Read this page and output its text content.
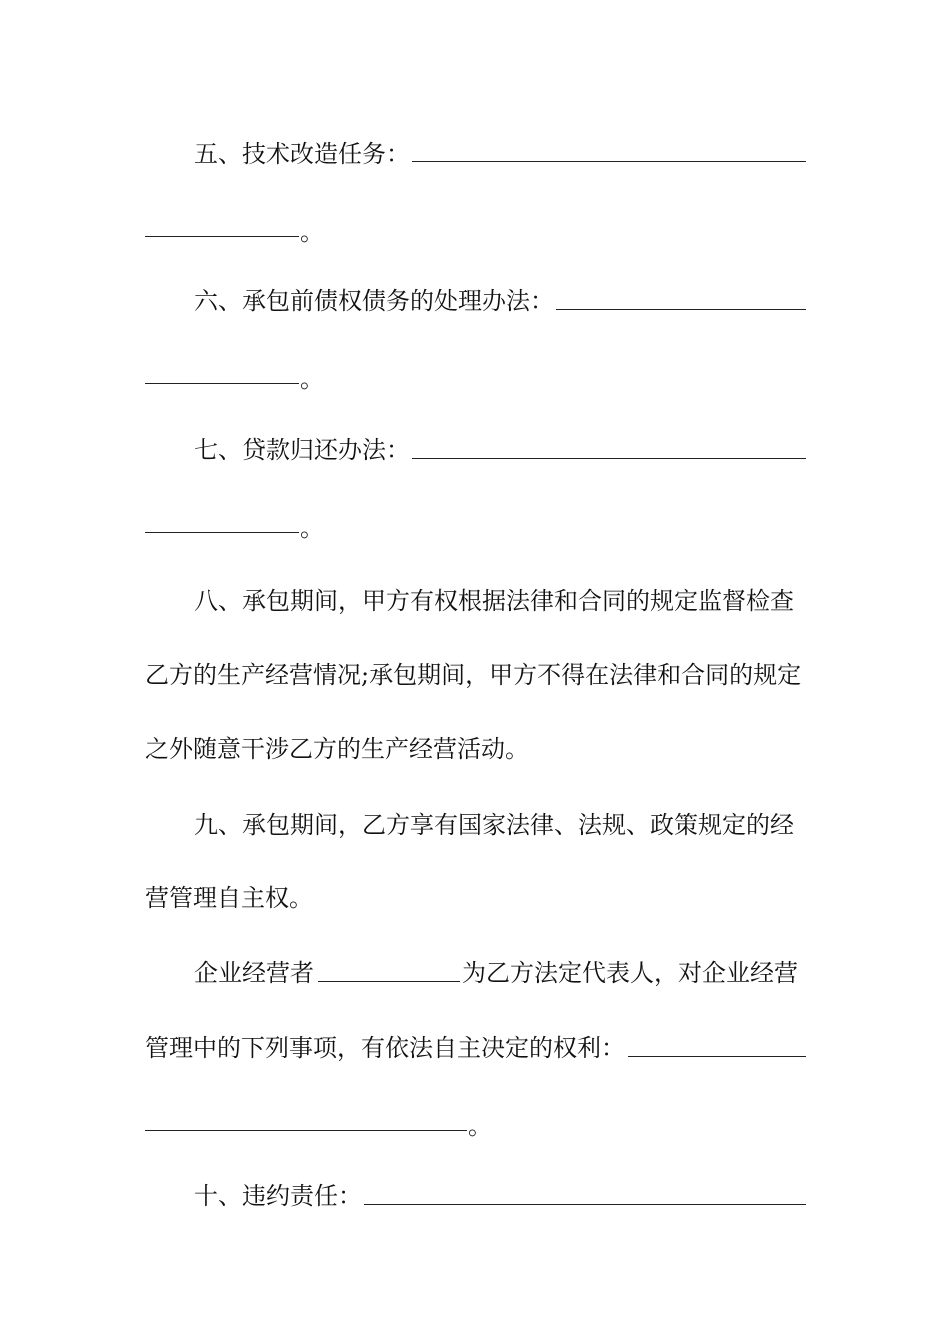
五、技术改造任务：
。
六、承包前债权债务的处理办法：
。
七、贷款归还办法：
。
八、承包期间，甲方有权根据法律和合同的规定监督检查
乙方的生产经营情况;承包期间，甲方不得在法律和合同的规定
之外随意干涉乙方的生产经营活动。
九、承包期间，乙方享有国家法律、法规、政策规定的经
营管理自主权。
企业经营者	为乙方法定代表人，对企业经营
管理中的下列事项，有依法自主决定的权利：
。
十、违约责任：
